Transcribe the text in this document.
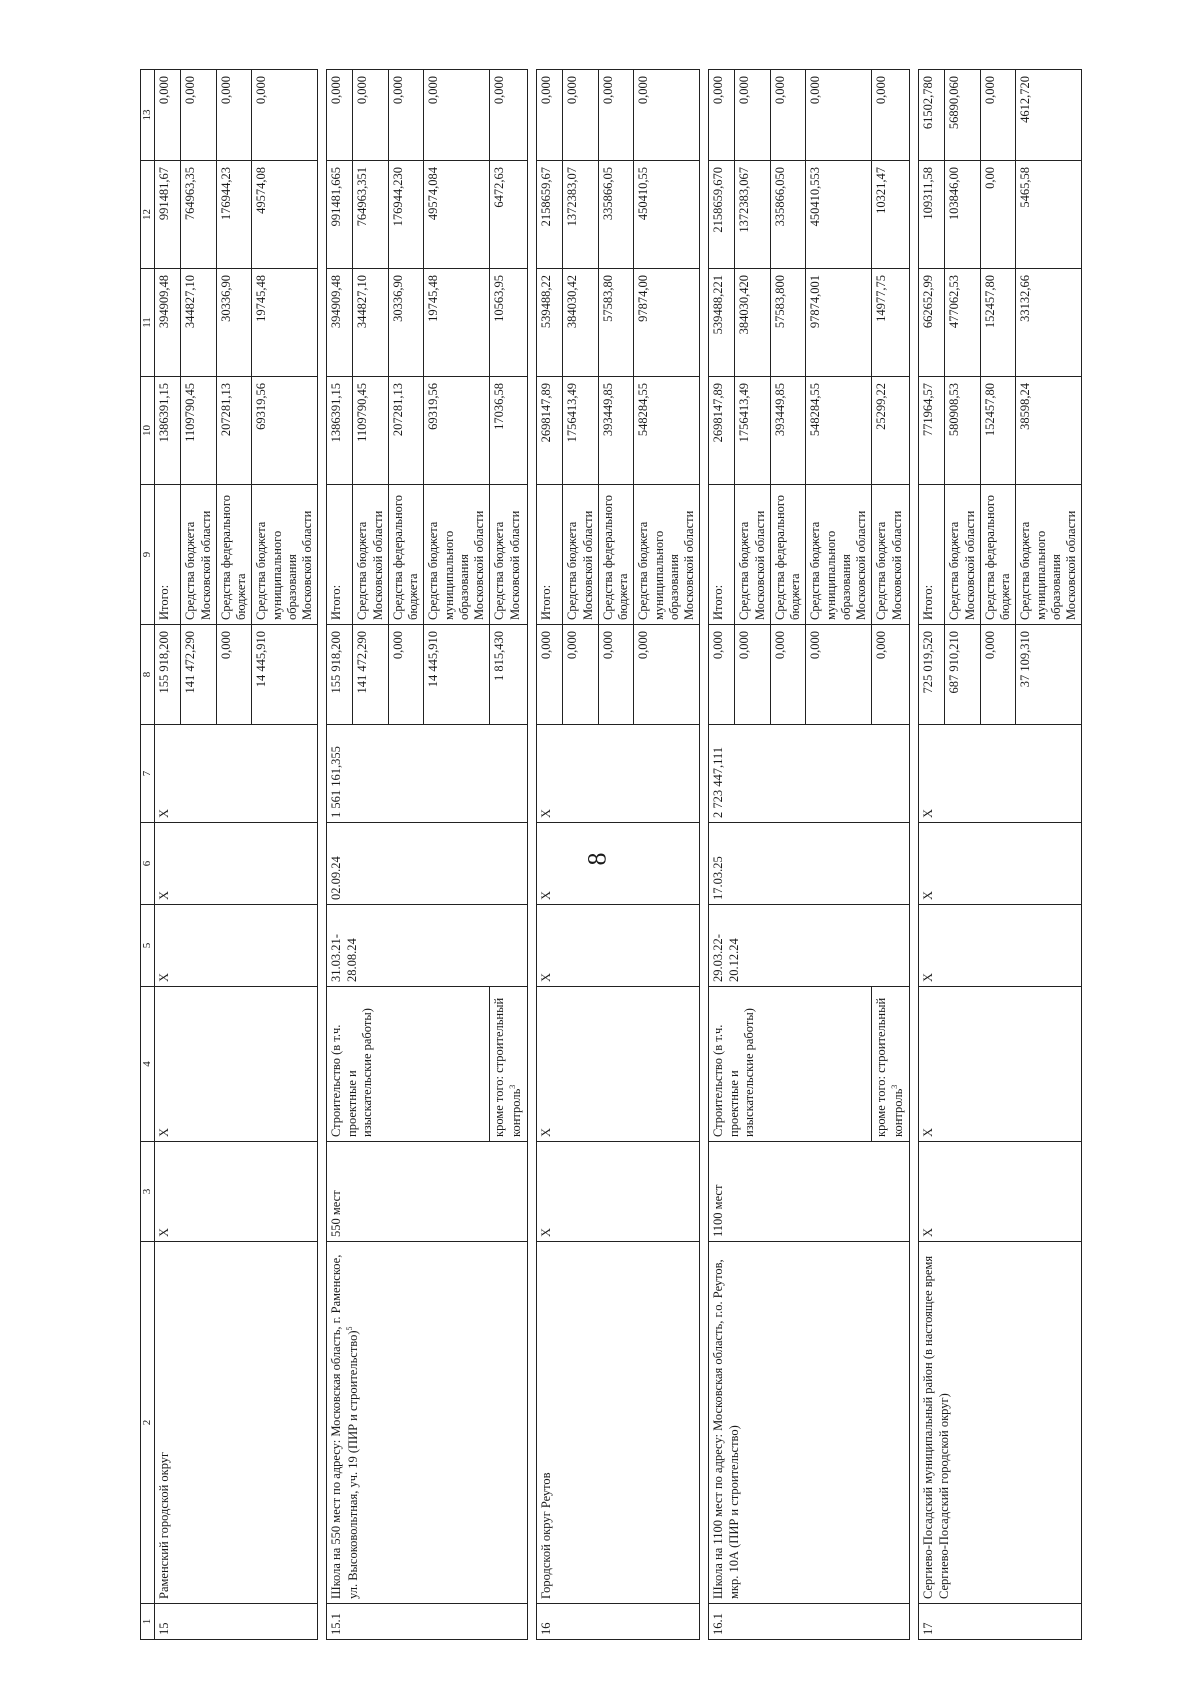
8
1	2	3	4	5	6	7	8	9	10	11	12	13
15	Раменский городской округ	X	X	X	X	X	155 918,200	Итого:	1386391,15	394909,48	991481,67	0,000
							141 472,290	Средства бюджета Московской области	1109790,45	344827,10	764963,35	0,000
							0,000	Средства федерального бюджета	207281,13	30336,90	176944,23	0,000
							14 445,910	Средства бюджета муниципального образования Московской области	69319,56	19745,48	49574,08	0,000

15.1	Школа на 550 мест по адресу: Московская область, г. Раменское, ул. Высоковольтная, уч. 19 (ПИР и строительство)$^5$	550 мест	Строительство (в т.ч. проектные и изыскательские работы)	31.03.21-28.08.24	02.09.24	1 561 161,355	155 918,200	Итого:	1386391,15	394909,48	991481,665	0,000
							141 472,290	Средства бюджета Московской области	1109790,45	344827,10	764963,351	0,000
							0,000	Средства федерального бюджета	207281,13	30336,90	176944,230	0,000
							14 445,910	Средства бюджета муниципального образования Московской области	69319,56	19745,48	49574,084	0,000
			кроме того: строительный контроль$^3$				1 815,430	Средства бюджета Московской области	17036,58	10563,95	6472,63	0,000

16	Городской округ Реутов	X	X	X	X	X	0,000	Итого:	2698147,89	539488,22	2158659,67	0,000
							0,000	Средства бюджета Московской области	1756413,49	384030,42	1372383,07	0,000
							0,000	Средства федерального бюджета	393449,85	57583,80	335866,05	0,000
							0,000	Средства бюджета муниципального образования Московской области	548284,55	97874,00	450410,55	0,000

16.1	Школа на 1100 мест по адресу: Московская область, г.о. Реутов, мкр. 10А (ПИР и строительство)	1100 мест	Строительство (в т.ч. проектные и изыскательские работы)	29.03.22-20.12.24	17.03.25	2 723 447,111	0,000	Итого:	2698147,89	539488,221	2158659,670	0,000
							0,000	Средства бюджета Московской области	1756413,49	384030,420	1372383,067	0,000
							0,000	Средства федерального бюджета	393449,85	57583,800	335866,050	0,000
							0,000	Средства бюджета муниципального образования Московской области	548284,55	97874,001	450410,553	0,000
			кроме того: строительный контроль$^3$				0,000	Средства бюджета Московской области	25299,22	14977,75	10321,47	0,000

17	Сергиево-Посадский муниципальный район (в настоящее время Сергиево-Посадский городской округ)	X	X	X	X	X	725 019,520	Итого:	771964,57	662652,99	109311,58	61502,780
							687 910,210	Средства бюджета Московской области	580908,53	477062,53	103846,00	56890,060
							0,000	Средства федерального бюджета	152457,80	152457,80	0,00	0,000
							37 109,310	Средства бюджета муниципального образования Московской области	38598,24	33132,66	5465,58	4612,720
